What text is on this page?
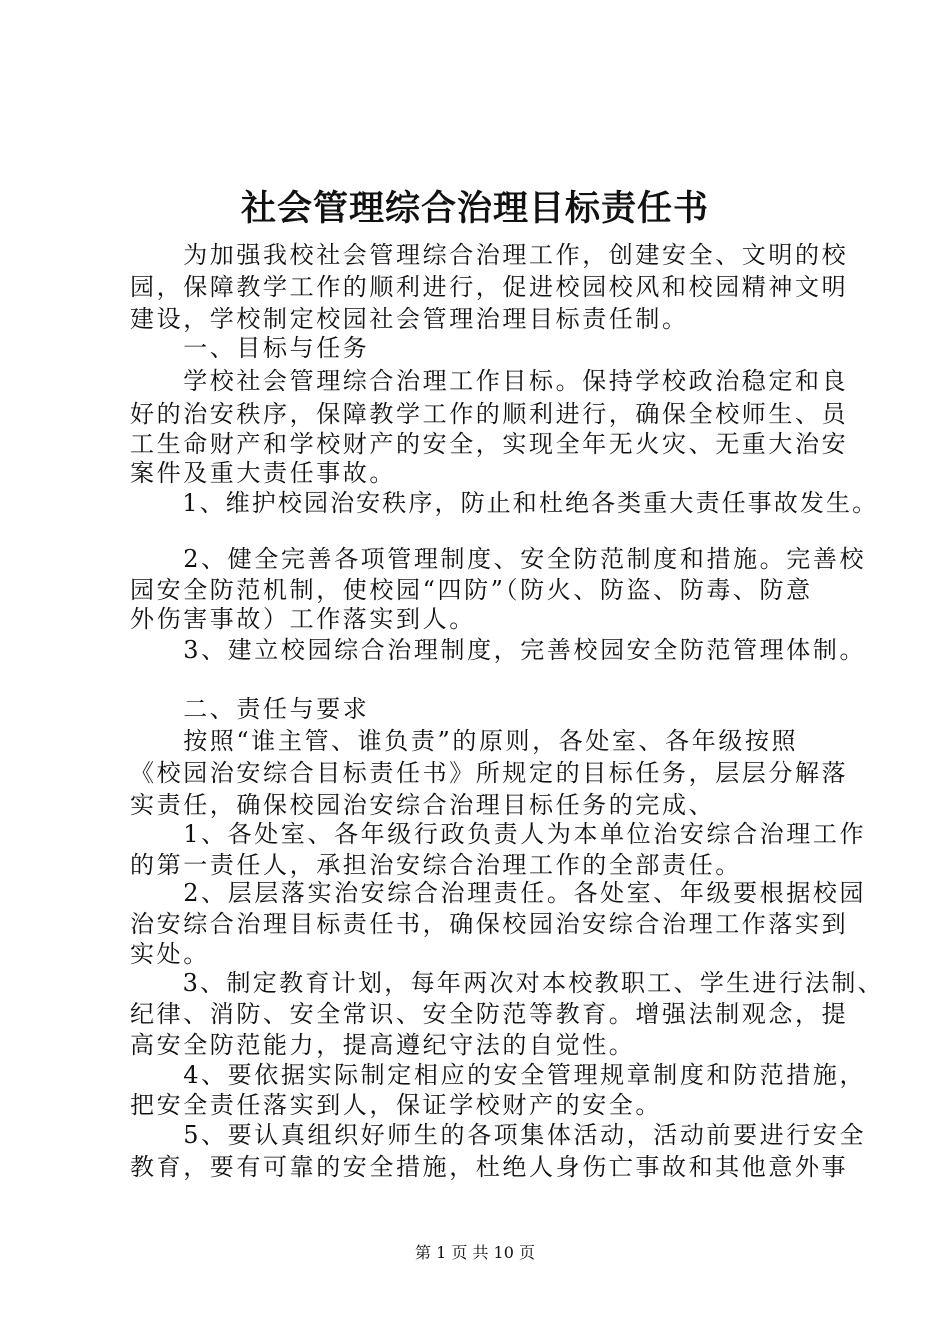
社会管理综合治理目标责任书

　　为加强我校社会管理综合治理工作，创建安全、文明的校

园，保障教学工作的顺利进行，促进校园校风和校园精神文明

建设，学校制定校园社会管理治理目标责任制。

　　一、目标与任务

　　学校社会管理综合治理工作目标。保持学校政治稳定和良

好的治安秩序，保障教学工作的顺利进行，确保全校师生、员

工生命财产和学校财产的安全，实现全年无火灾、无重大治安

案件及重大责任事故。

　　1、维护校园治安秩序，防止和杜绝各类重大责任事故发生。

　　2、健全完善各项管理制度、安全防范制度和措施。完善校

园安全防范机制，使校园“四防”（防火、防盗、防毒、防意

外伤害事故）工作落实到人。

　　3、建立校园综合治理制度，完善校园安全防范管理体制。

　　二、责任与要求

　　按照“谁主管、谁负责”的原则，各处室、各年级按照

《校园治安综合目标责任书》所规定的目标任务，层层分解落

实责任，确保校园治安综合治理目标任务的完成、

　　1、各处室、各年级行政负责人为本单位治安综合治理工作

的第一责任人，承担治安综合治理工作的全部责任。

　　2、层层落实治安综合治理责任。各处室、年级要根据校园

治安综合治理目标责任书，确保校园治安综合治理工作落实到

实处。

　　3、制定教育计划，每年两次对本校教职工、学生进行法制、

纪律、消防、安全常识、安全防范等教育。增强法制观念，提

高安全防范能力，提高遵纪守法的自觉性。

　　4、要依据实际制定相应的安全管理规章制度和防范措施，

把安全责任落实到人，保证学校财产的安全。

　　5、要认真组织好师生的各项集体活动，活动前要进行安全

教育，要有可靠的安全措施，杜绝人身伤亡事故和其他意外事

第 1 页 共 10 页
